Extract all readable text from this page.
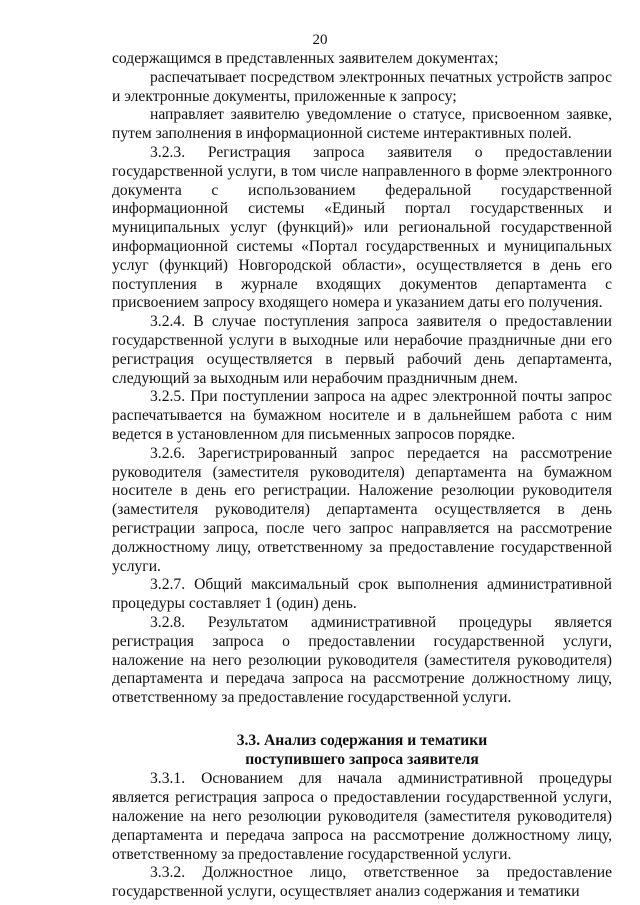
20

содержащимся в представленных заявителем документах;

распечатывает посредством электронных печатных устройств запрос и электронные документы, приложенные к запросу;

направляет заявителю уведомление о статусе, присвоенном заявке, путем заполнения в информационной системе интерактивных полей.

3.2.3. Регистрация запроса заявителя о предоставлении государственной услуги, в том числе направленного в форме электронного документа с использованием федеральной государственной информационной системы «Единый портал государственных и муниципальных услуг (функций)» или региональной государственной информационной системы «Портал государственных и муниципальных услуг (функций) Новгородской области», осуществляется в день его поступления в журнале входящих документов департамента с присвоением запросу входящего номера и указанием даты его получения.

3.2.4. В случае поступления запроса заявителя о предоставлении государственной услуги в выходные или нерабочие праздничные дни его регистрация осуществляется в первый рабочий день департамента, следующий за выходным или нерабочим праздничным днем.

3.2.5. При поступлении запроса на адрес электронной почты запрос распечатывается на бумажном носителе и в дальнейшем работа с ним ведется в установленном для письменных запросов порядке.

3.2.6. Зарегистрированный запрос передается на рассмотрение руководителя (заместителя руководителя) департамента на бумажном носителе в день его регистрации. Наложение резолюции руководителя (заместителя руководителя) департамента осуществляется в день регистрации запроса, после чего запрос направляется на рассмотрение должностному лицу, ответственному за предоставление государственной услуги.

3.2.7. Общий максимальный срок выполнения административной процедуры составляет 1 (один) день.

3.2.8. Результатом административной процедуры является регистрация запроса о предоставлении государственной услуги, наложение на него резолюции руководителя (заместителя руководителя) департамента и передача запроса на рассмотрение должностному лицу, ответственному за предоставление государственной услуги.

3.3. Анализ содержания и тематики
поступившего запроса заявителя

3.3.1. Основанием для начала административной процедуры является регистрация запроса о предоставлении государственной услуги, наложение на него резолюции руководителя (заместителя руководителя) департамента и передача запроса на рассмотрение должностному лицу, ответственному за предоставление государственной услуги.

3.3.2. Должностное лицо, ответственное за предоставление государственной услуги, осуществляет анализ содержания и тематики
